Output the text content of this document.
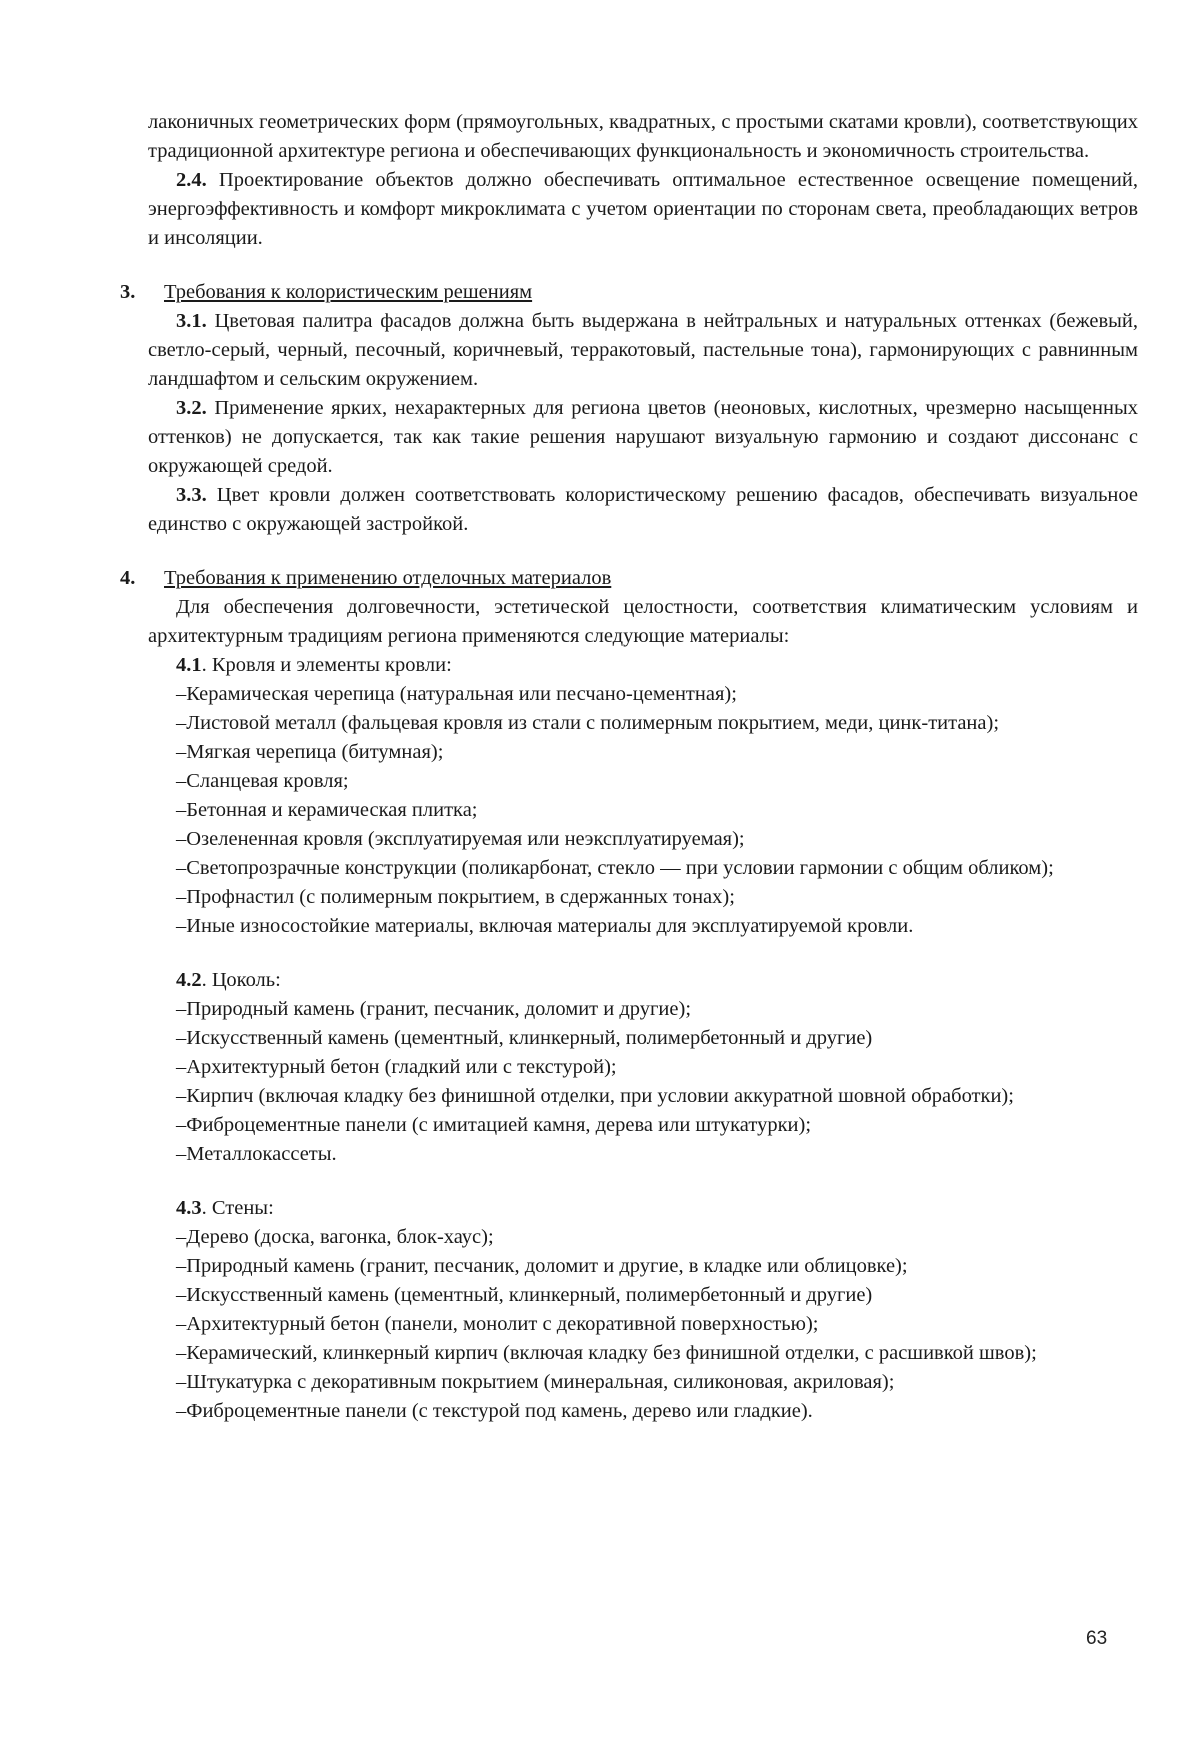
лаконичных геометрических форм (прямоугольных, квадратных, с простыми скатами кровли), соответствующих традиционной архитектуре региона и обеспечивающих функциональность и экономичность строительства.

2.4. Проектирование объектов должно обеспечивать оптимальное естественное освещение помещений, энергоэффективность и комфорт микроклимата с учетом ориентации по сторонам света, преобладающих ветров и инсоляции.

3. Требования к колористическим решениям

3.1. Цветовая палитра фасадов должна быть выдержана в нейтральных и натуральных оттенках (бежевый, светло-серый, черный, песочный, коричневый, терракотовый, пастельные тона), гармонирующих с равнинным ландшафтом и сельским окружением.

3.2. Применение ярких, нехарактерных для региона цветов (неоновых, кислотных, чрезмерно насыщенных оттенков) не допускается, так как такие решения нарушают визуальную гармонию и создают диссонанс с окружающей средой.

3.3. Цвет кровли должен соответствовать колористическому решению фасадов, обеспечивать визуальное единство с окружающей застройкой.

4. Требования к применению отделочных материалов

Для обеспечения долговечности, эстетической целостности, соответствия климатическим условиям и архитектурным традициям региона применяются следующие материалы:

4.1. Кровля и элементы кровли:

–Керамическая черепица (натуральная или песчано-цементная);

–Листовой металл (фальцевая кровля из стали с полимерным покрытием, меди, цинк-титана);

–Мягкая черепица (битумная);

–Сланцевая кровля;

–Бетонная и керамическая плитка;

–Озелененная кровля (эксплуатируемая или неэксплуатируемая);

–Светопрозрачные конструкции (поликарбонат, стекло — при условии гармонии с общим обликом);

–Профнастил (с полимерным покрытием, в сдержанных тонах);

–Иные износостойкие материалы, включая материалы для эксплуатируемой кровли.

4.2. Цоколь:

–Природный камень (гранит, песчаник, доломит и другие);

–Искусственный камень (цементный, клинкерный, полимербетонный и другие)

–Архитектурный бетон (гладкий или с текстурой);

–Кирпич (включая кладку без финишной отделки, при условии аккуратной шовной обработки);

–Фиброцементные панели (с имитацией камня, дерева или штукатурки);

–Металлокассеты.

4.3. Стены:

–Дерево (доска, вагонка, блок-хаус);

–Природный камень (гранит, песчаник, доломит и другие, в кладке или облицовке);

–Искусственный камень (цементный, клинкерный, полимербетонный и другие)

–Архитектурный бетон (панели, монолит с декоративной поверхностью);

–Керамический, клинкерный кирпич (включая кладку без финишной отделки, с расшивкой швов);

–Штукатурка с декоративным покрытием (минеральная, силиконовая, акриловая);

–Фиброцементные панели (с текстурой под камень, дерево или гладкие).

63
